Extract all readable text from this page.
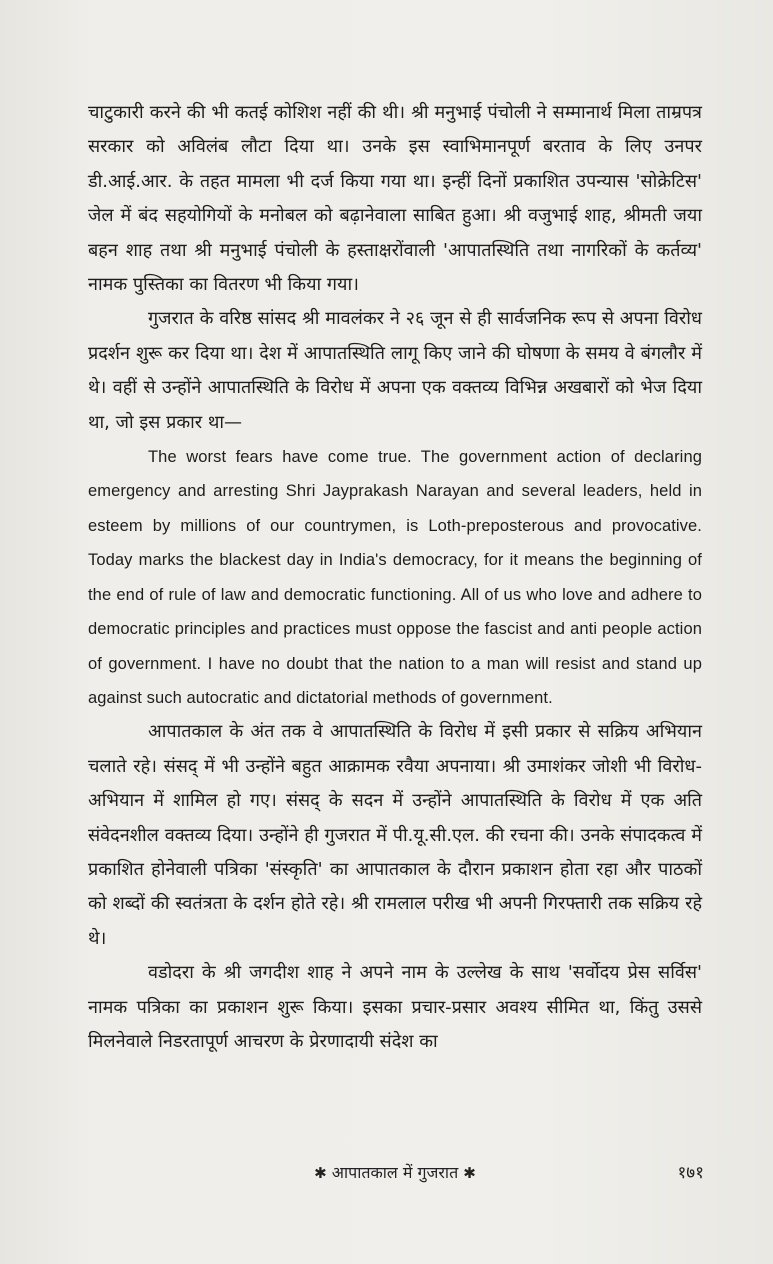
चाटुकारी करने की भी कतई कोशिश नहीं की थी। श्री मनुभाई पंचोली ने सम्मानार्थ मिला ताम्रपत्र सरकार को अविलंब लौटा दिया था। उनके इस स्वाभिमानपूर्ण बरताव के लिए उनपर डी.आई.आर. के तहत मामला भी दर्ज किया गया था। इन्हीं दिनों प्रकाशित उपन्यास 'सोक्रेटिस' जेल में बंद सहयोगियों के मनोबल को बढ़ानेवाला साबित हुआ। श्री वजुभाई शाह, श्रीमती जया बहन शाह तथा श्री मनुभाई पंचोली के हस्ताक्षरोंवाली 'आपातस्थिति तथा नागरिकों के कर्तव्य' नामक पुस्तिका का वितरण भी किया गया।

गुजरात के वरिष्ठ सांसद श्री मावलंकर ने २६ जून से ही सार्वजनिक रूप से अपना विरोध प्रदर्शन शुरू कर दिया था। देश में आपातस्थिति लागू किए जाने की घोषणा के समय वे बंगलौर में थे। वहीं से उन्होंने आपातस्थिति के विरोध में अपना एक वक्तव्य विभिन्न अखबारों को भेज दिया था, जो इस प्रकार था—

The worst fears have come true. The government action of declaring emergency and arresting Shri Jayprakash Narayan and several leaders, held in esteem by millions of our countrymen, is Loth-preposterous and provocative. Today marks the blackest day in India's democracy, for it means the beginning of the end of rule of law and democratic functioning. All of us who love and adhere to democratic principles and practices must oppose the fascist and anti people action of government. I have no doubt that the nation to a man will resist and stand up against such autocratic and dictatorial methods of government.

आपातकाल के अंत तक वे आपातस्थिति के विरोध में इसी प्रकार से सक्रिय अभियान चलाते रहे। संसद् में भी उन्होंने बहुत आक्रामक रवैया अपनाया। श्री उमाशंकर जोशी भी विरोध-अभियान में शामिल हो गए। संसद् के सदन में उन्होंने आपातस्थिति के विरोध में एक अति संवेदनशील वक्तव्य दिया। उन्होंने ही गुजरात में पी.यू.सी.एल. की रचना की। उनके संपादकत्व में प्रकाशित होनेवाली पत्रिका 'संस्कृति' का आपातकाल के दौरान प्रकाशन होता रहा और पाठकों को शब्दों की स्वतंत्रता के दर्शन होते रहे। श्री रामलाल परीख भी अपनी गिरफ्तारी तक सक्रिय रहे थे।

वडोदरा के श्री जगदीश शाह ने अपने नाम के उल्लेख के साथ 'सर्वोदय प्रेस सर्विस' नामक पत्रिका का प्रकाशन शुरू किया। इसका प्रचार-प्रसार अवश्य सीमित था, किंतु उससे मिलनेवाले निडरतापूर्ण आचरण के प्रेरणादायी संदेश का

✱ आपातकाल में गुजरात ✱	१७१
